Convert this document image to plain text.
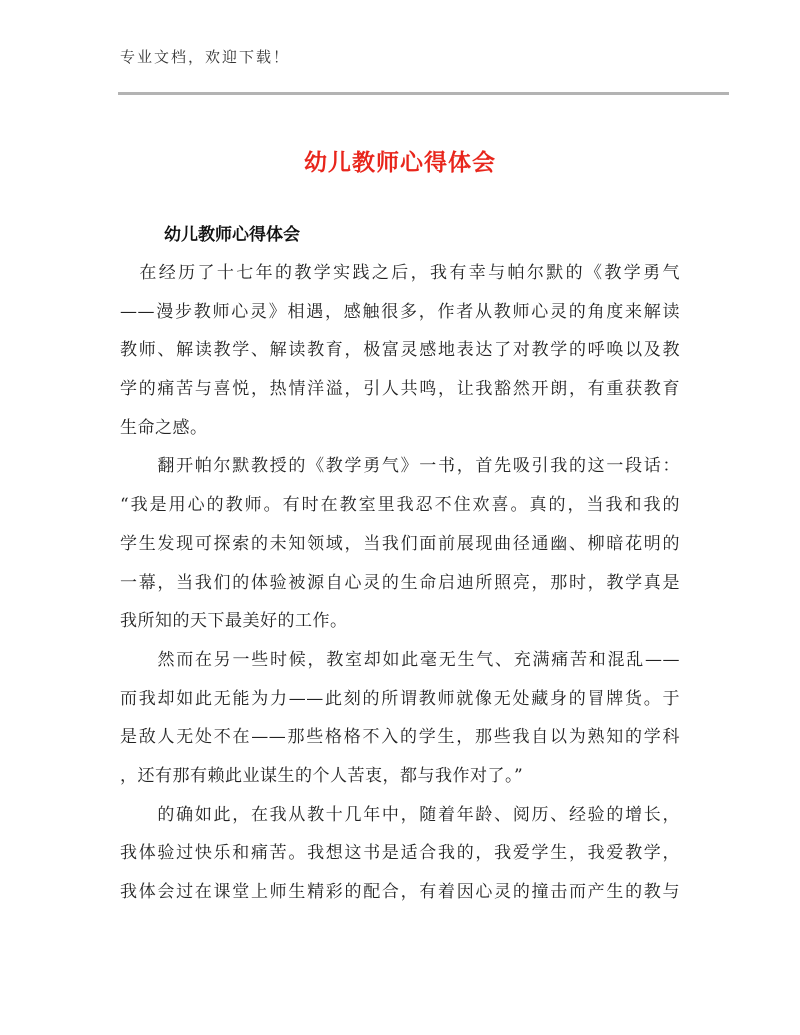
专业文档，欢迎下载！
幼儿教师心得体会
幼儿教师心得体会
　在经历了十七年的教学实践之后，我有幸与帕尔默的《教学勇气
——漫步教师心灵》相遇，感触很多，作者从教师心灵的角度来解读
教师、解读教学、解读教育，极富灵感地表达了对教学的呼唤以及教
学的痛苦与喜悦，热情洋溢，引人共鸣，让我豁然开朗，有重获教育
生命之感。
　　翻开帕尔默教授的《教学勇气》一书，首先吸引我的这一段话：
“我是用心的教师。有时在教室里我忍不住欢喜。真的，当我和我的
学生发现可探索的未知领域，当我们面前展现曲径通幽、柳暗花明的
一幕，当我们的体验被源自心灵的生命启迪所照亮，那时，教学真是
我所知的天下最美好的工作。
　　然而在另一些时候，教室却如此毫无生气、充满痛苦和混乱——
而我却如此无能为力——此刻的所谓教师就像无处藏身的冒牌货。于
是敌人无处不在——那些格格不入的学生，那些我自以为熟知的学科
，还有那有赖此业谋生的个人苦衷，都与我作对了。”
　　的确如此，在我从教十几年中，随着年龄、阅历、经验的增长，
我体验过快乐和痛苦。我想这书是适合我的，我爱学生，我爱教学，
我体会过在课堂上师生精彩的配合，有着因心灵的撞击而产生的教与
